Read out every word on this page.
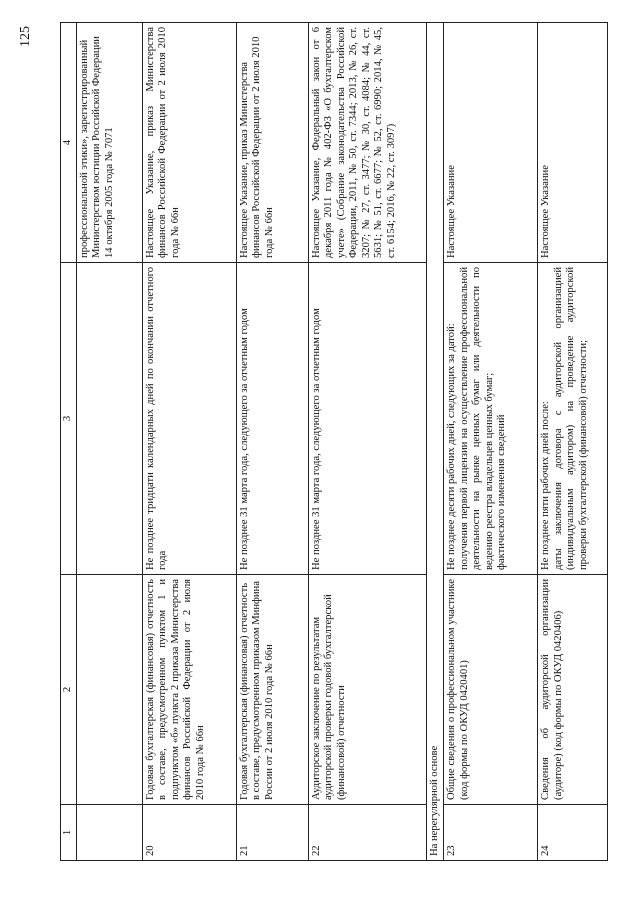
125
1	2	3	4
			профессиональной этики», зарегистрированный Министерством юстиции Российской Федерации 14 октября 2005 года № 7071
20	Годовая бухгалтерская (финансовая) отчетность в составе, предусмотренном пунктом 1 и подпунктом «б» пункта 2 приказа Министерства финансов Российской Федерации от 2 июля 2010 года № 66н	Не позднее тридцати календарных дней по окончании отчетного года	Настоящее Указание, приказ Министерства финансов Российской Федерации от 2 июля 2010 года № 66н
21	Годовая бухгалтерская (финансовая) отчетность в составе, предусмотренном приказом Минфина России от 2 июля 2010 года № 66н	Не позднее 31 марта года, следующего за отчетным годом	Настоящее Указание, приказ Министерства финансов Российской Федерации от 2 июля 2010 года № 66н
22	Аудиторское заключение по результатам аудиторской проверки годовой бухгалтерской (финансовой) отчетности	Не позднее 31 марта года, следующего за отчетным годом	Настоящее Указание, Федеральный закон от 6 декабря 2011 года № 402-ФЗ «О бухгалтерском учете» (Собрание законодательства Российской Федерации, 2011, № 50, ст. 7344; 2013, № 26, ст. 3207; № 27, ст. 3477; № 30, ст. 4084; № 44, ст. 5631; № 51, ст. 6677; № 52, ст. 6990; 2014, № 45, ст. 6154; 2016, № 22, ст. 3097)
На нерегулярной основе			
23	Общие сведения о профессиональном участнике (код формы по ОКУД 0420401)	Не позднее десяти рабочих дней, следующих за датой: получения первой лицензии на осуществление профессиональной деятельности на рынке ценных бумаг или деятельности по ведению реестра владельцев ценных бумаг; фактического изменения сведений	Настоящее Указание
24	Сведения об аудиторской организации (аудиторе) (код формы по ОКУД 0420406)	Не позднее пяти рабочих дней после: даты заключения договора с аудиторской организацией (индивидуальным аудитором) на проведение аудиторской проверки бухгалтерской (финансовой) отчетности;	Настоящее Указание
